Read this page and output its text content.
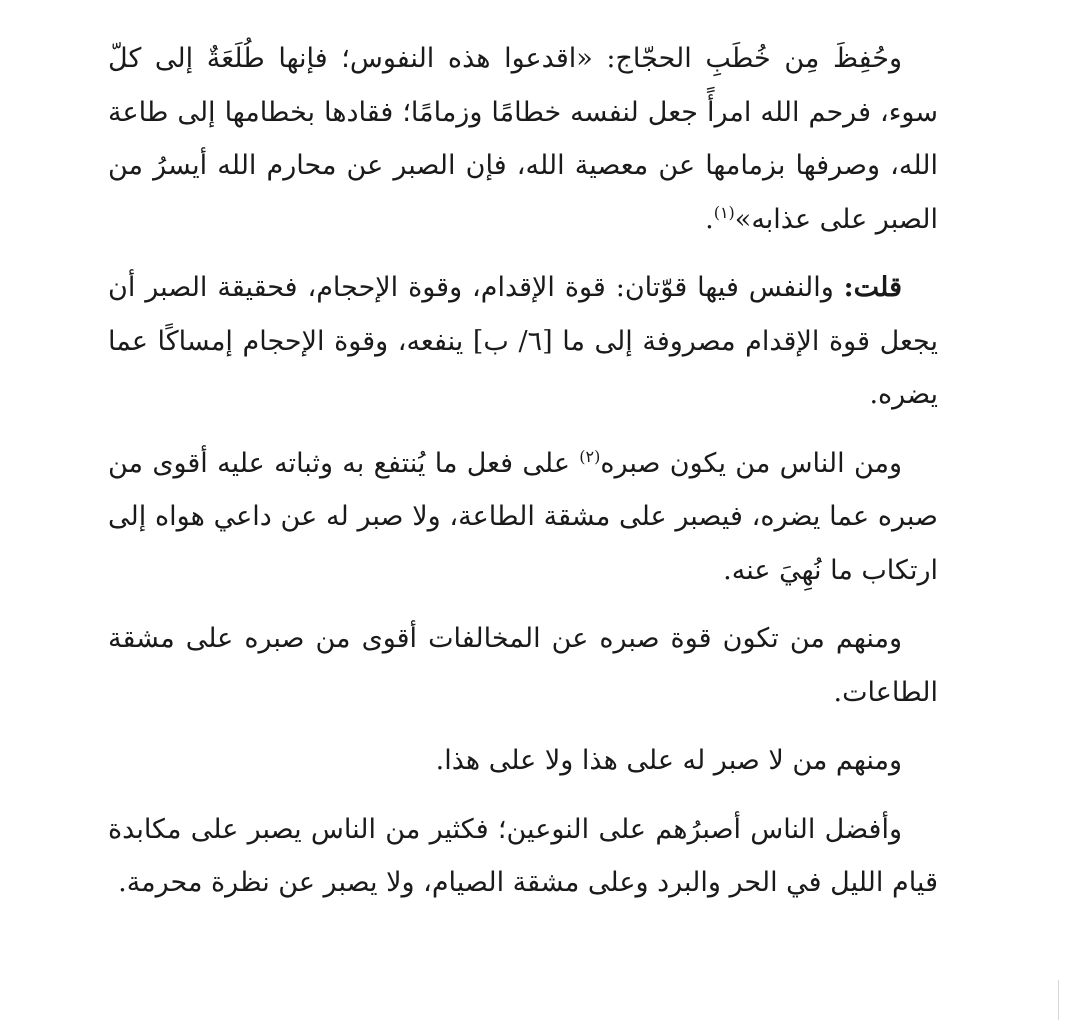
وحُفِظَ مِن خُطَبِ الحجّاج: «اقدعوا هذه النفوس؛ فإنها طُلَعَةٌ إلى كلّ سوء، فرحم الله امرأً جعل لنفسه خطامًا وزمامًا؛ فقادها بخطامها إلى طاعة الله، وصرفها بزمامها عن معصية الله، فإن الصبر عن محارم الله أيسرُ من الصبر على عذابه»$^{(١)}$.

قلت: والنفس فيها قوّتان: قوة الإقدام، وقوة الإحجام، فحقيقة الصبر أن يجعل قوة الإقدام مصروفة إلى ما [٦/ ب] ينفعه، وقوة الإحجام إمساكًا عما يضره.

ومن الناس من يكون صبره$^{(٢)}$ على فعل ما يُنتفع به وثباته عليه أقوى من صبره عما يضره، فيصبر على مشقة الطاعة، ولا صبر له عن داعي هواه إلى ارتكاب ما نُهِيَ عنه.

ومنهم من تكون قوة صبره عن المخالفات أقوى من صبره على مشقة الطاعات.

ومنهم من لا صبر له على هذا ولا على هذا.

وأفضل الناس أصبرُهم على النوعين؛ فكثير من الناس يصبر على مكابدة قيام الليل في الحر والبرد وعلى مشقة الصيام، ولا يصبر عن نظرة محرمة.
